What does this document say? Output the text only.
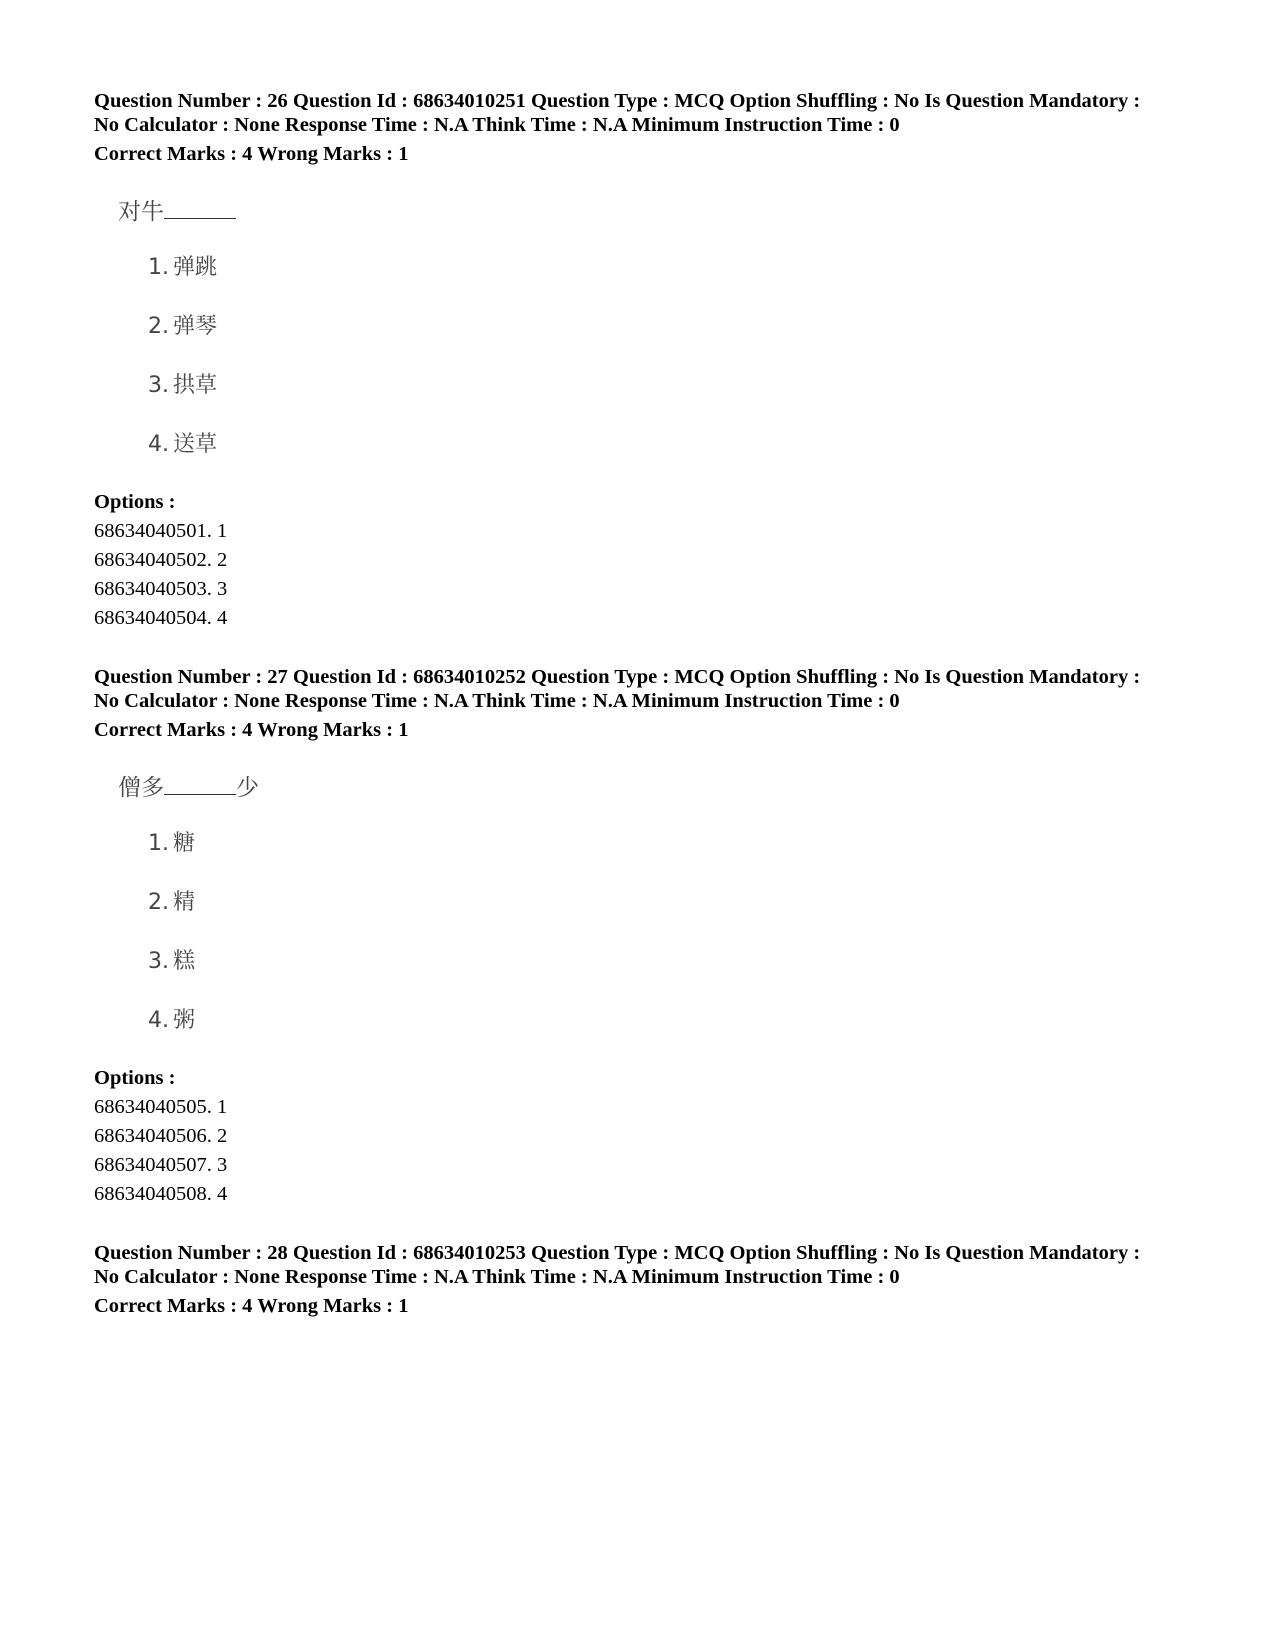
Question Number : 26 Question Id : 68634010251 Question Type : MCQ Option Shuffling : No Is Question Mandatory :
No Calculator : None Response Time : N.A Think Time : N.A Minimum Instruction Time : 0
Correct Marks : 4 Wrong Marks : 1
对牛
1. 弹跳
2. 弹琴
3. 拱草
4. 送草
Options :
68634040501. 1
68634040502. 2
68634040503. 3
68634040504. 4
Question Number : 27 Question Id : 68634010252 Question Type : MCQ Option Shuffling : No Is Question Mandatory :
No Calculator : None Response Time : N.A Think Time : N.A Minimum Instruction Time : 0
Correct Marks : 4 Wrong Marks : 1
僧多	少
1. 糖
2. 精
3. 糕
4. 粥
Options :
68634040505. 1
68634040506. 2
68634040507. 3
68634040508. 4
Question Number : 28 Question Id : 68634010253 Question Type : MCQ Option Shuffling : No Is Question Mandatory :
No Calculator : None Response Time : N.A Think Time : N.A Minimum Instruction Time : 0
Correct Marks : 4 Wrong Marks : 1
